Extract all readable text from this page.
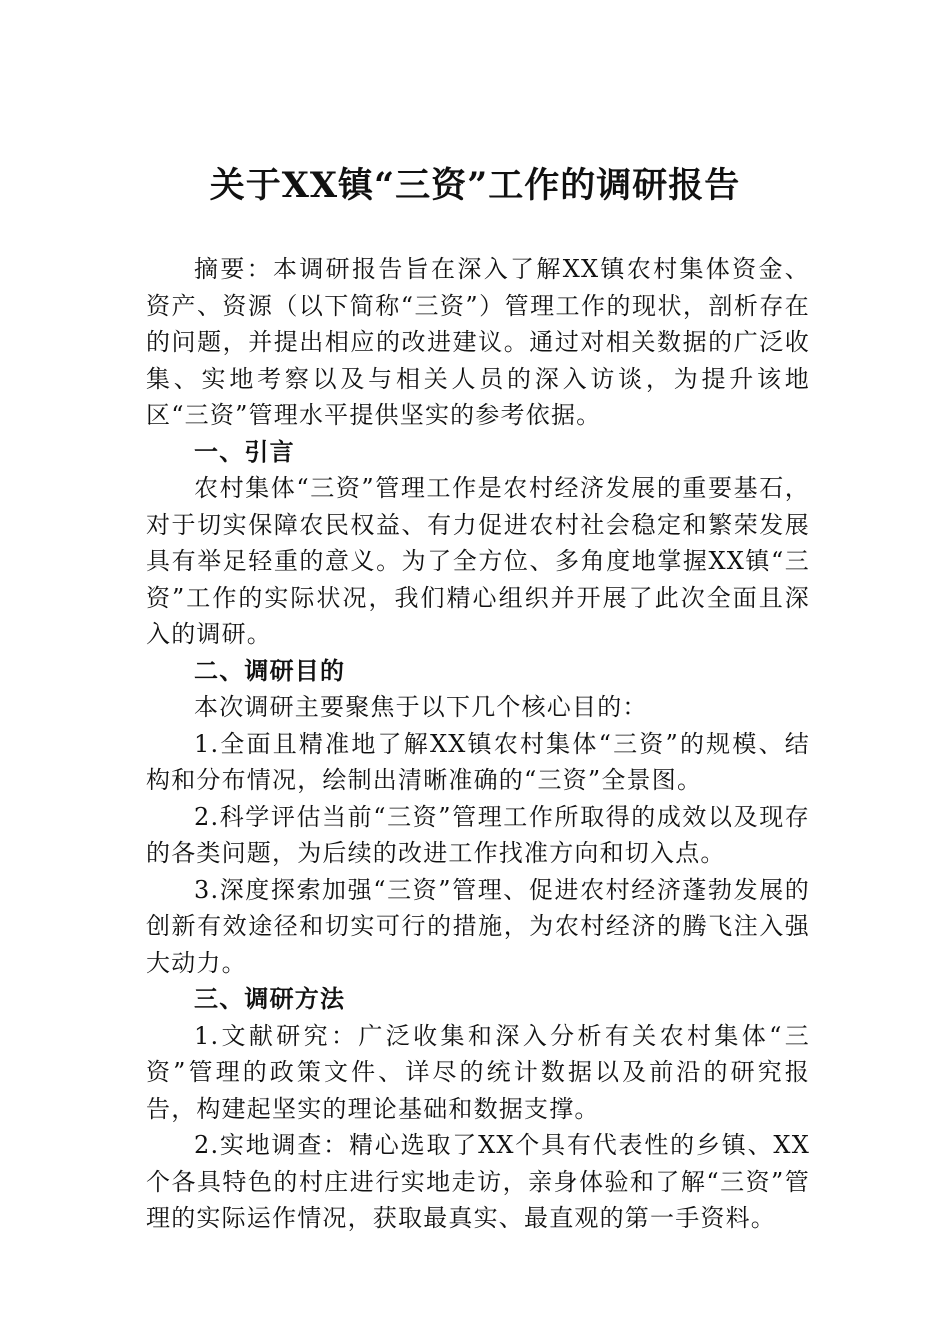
关于XX镇“三资”工作的调研报告

摘要：本调研报告旨在深入了解XX镇农村集体资金、资产、资源（以下简称“三资”）管理工作的现状，剖析存在的问题，并提出相应的改进建议。通过对相关数据的广泛收集、实地考察以及与相关人员的深入访谈，为提升该地区“三资”管理水平提供坚实的参考依据。

一、引言

农村集体“三资”管理工作是农村经济发展的重要基石，对于切实保障农民权益、有力促进农村社会稳定和繁荣发展具有举足轻重的意义。为了全方位、多角度地掌握XX镇“三资”工作的实际状况，我们精心组织并开展了此次全面且深入的调研。

二、调研目的

本次调研主要聚焦于以下几个核心目的：

1.全面且精准地了解XX镇农村集体“三资”的规模、结构和分布情况，绘制出清晰准确的“三资”全景图。

2.科学评估当前“三资”管理工作所取得的成效以及现存的各类问题，为后续的改进工作找准方向和切入点。

3.深度探索加强“三资”管理、促进农村经济蓬勃发展的创新有效途径和切实可行的措施，为农村经济的腾飞注入强大动力。

三、调研方法

1.文献研究：广泛收集和深入分析有关农村集体“三资”管理的政策文件、详尽的统计数据以及前沿的研究报告，构建起坚实的理论基础和数据支撑。

2.实地调查：精心选取了XX个具有代表性的乡镇、XX个各具特色的村庄进行实地走访，亲身体验和了解“三资”管理的实际运作情况，获取最真实、最直观的第一手资料。
